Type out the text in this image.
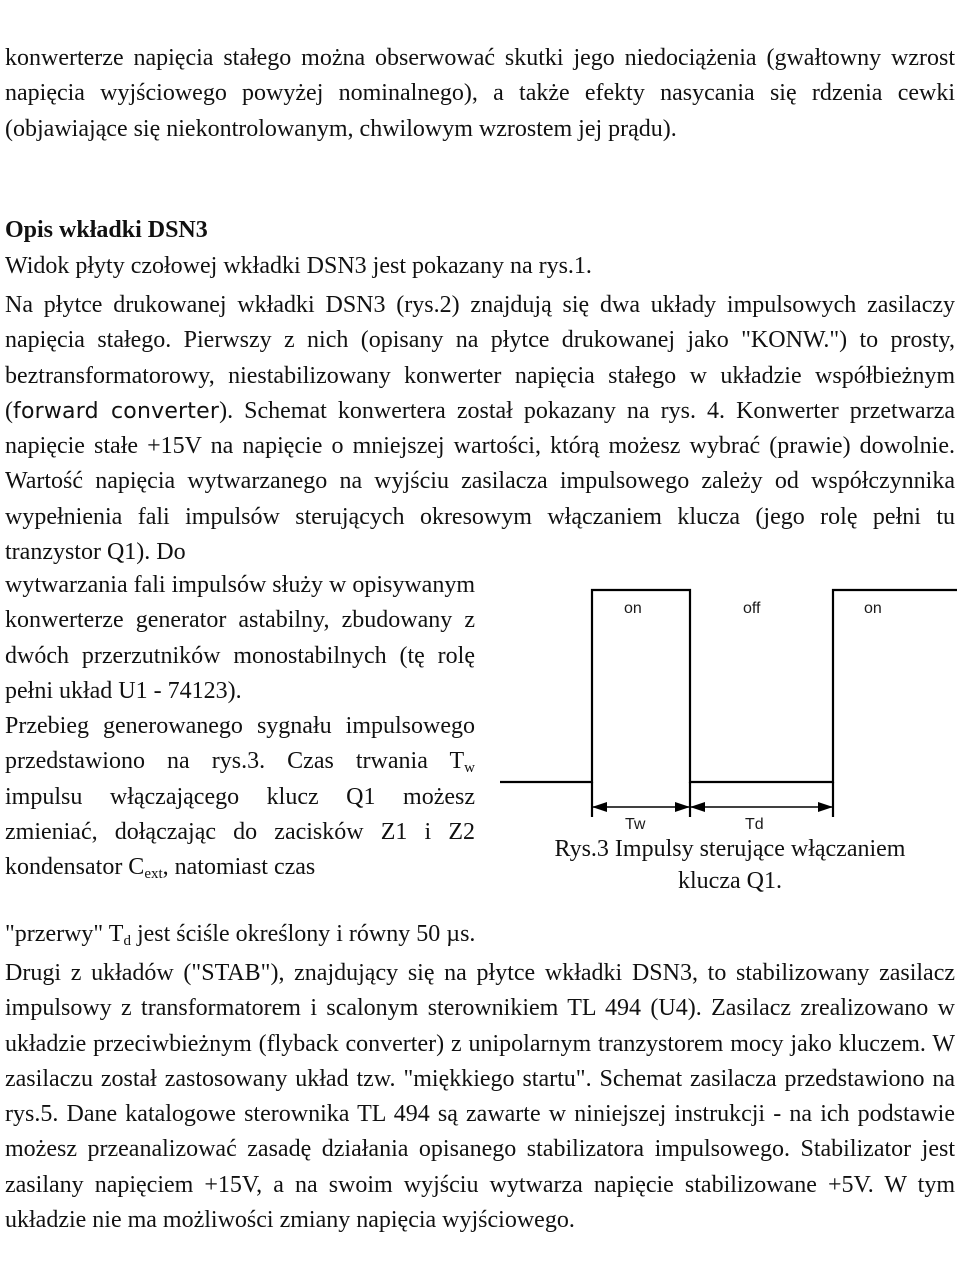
konwerterze napięcia stałego można obserwować skutki jego niedociążenia (gwałtowny wzrost napięcia wyjściowego powyżej nominalnego), a także efekty nasycania się rdzenia cewki (objawiające się niekontrolowanym, chwilowym wzrostem jej prądu).

Opis wkładki DSN3

Widok płyty czołowej wkładki DSN3 jest pokazany na rys.1.

Na płytce drukowanej wkładki DSN3 (rys.2) znajdują się dwa układy impulsowych zasilaczy napięcia stałego. Pierwszy z nich (opisany na płytce drukowanej jako "KONW.") to prosty, beztransformatorowy, niestabilizowany konwerter napięcia stałego w układzie współbieżnym (forward converter). Schemat konwertera został pokazany na rys. 4. Konwerter przetwarza napięcie stałe +15V na napięcie o mniejszej wartości, którą możesz wybrać (prawie) dowolnie. Wartość napięcia wytwarzanego na wyjściu zasilacza impulsowego zależy od współczynnika wypełnienia fali impulsów sterujących okresowym włączaniem klucza (jego rolę pełni tu tranzystor Q1). Do

wytwarzania fali impulsów służy w opisywanym konwerterze generator astabilny, zbudowany z dwóch przerzutników monostabilnych (tę rolę pełni układ U1 - 74123).

Przebieg generowanego sygnału impulsowego przedstawiono na rys.3. Czas trwania $T_w$ impulsu włączającego klucz Q1 możesz zmieniać, dołączając do zacisków Z1 i Z2 kondensator $C_{ext}$, natomiast czas

"przerwy" $T_d$ jest ściśle określony i równy 50 µs.

on	off	on
Tw	Td
Rys.3 Impulsy sterujące włączaniem
klucza Q1.

Drugi z układów ("STAB"), znajdujący się na płytce wkładki DSN3, to stabilizowany zasilacz impulsowy z transformatorem i scalonym sterownikiem TL 494 (U4). Zasilacz zrealizowano w układzie przeciwbieżnym (flyback converter) z unipolarnym tranzystorem mocy jako kluczem. W zasilaczu został zastosowany układ tzw. "miękkiego startu". Schemat zasilacza przedstawiono na rys.5. Dane katalogowe sterownika TL 494 są zawarte w niniejszej instrukcji - na ich podstawie możesz przeanalizować zasadę działania opisanego stabilizatora impulsowego. Stabilizator jest zasilany napięciem +15V, a na swoim wyjściu wytwarza napięcie stabilizowane +5V. W tym układzie nie ma możliwości zmiany napięcia wyjściowego.
